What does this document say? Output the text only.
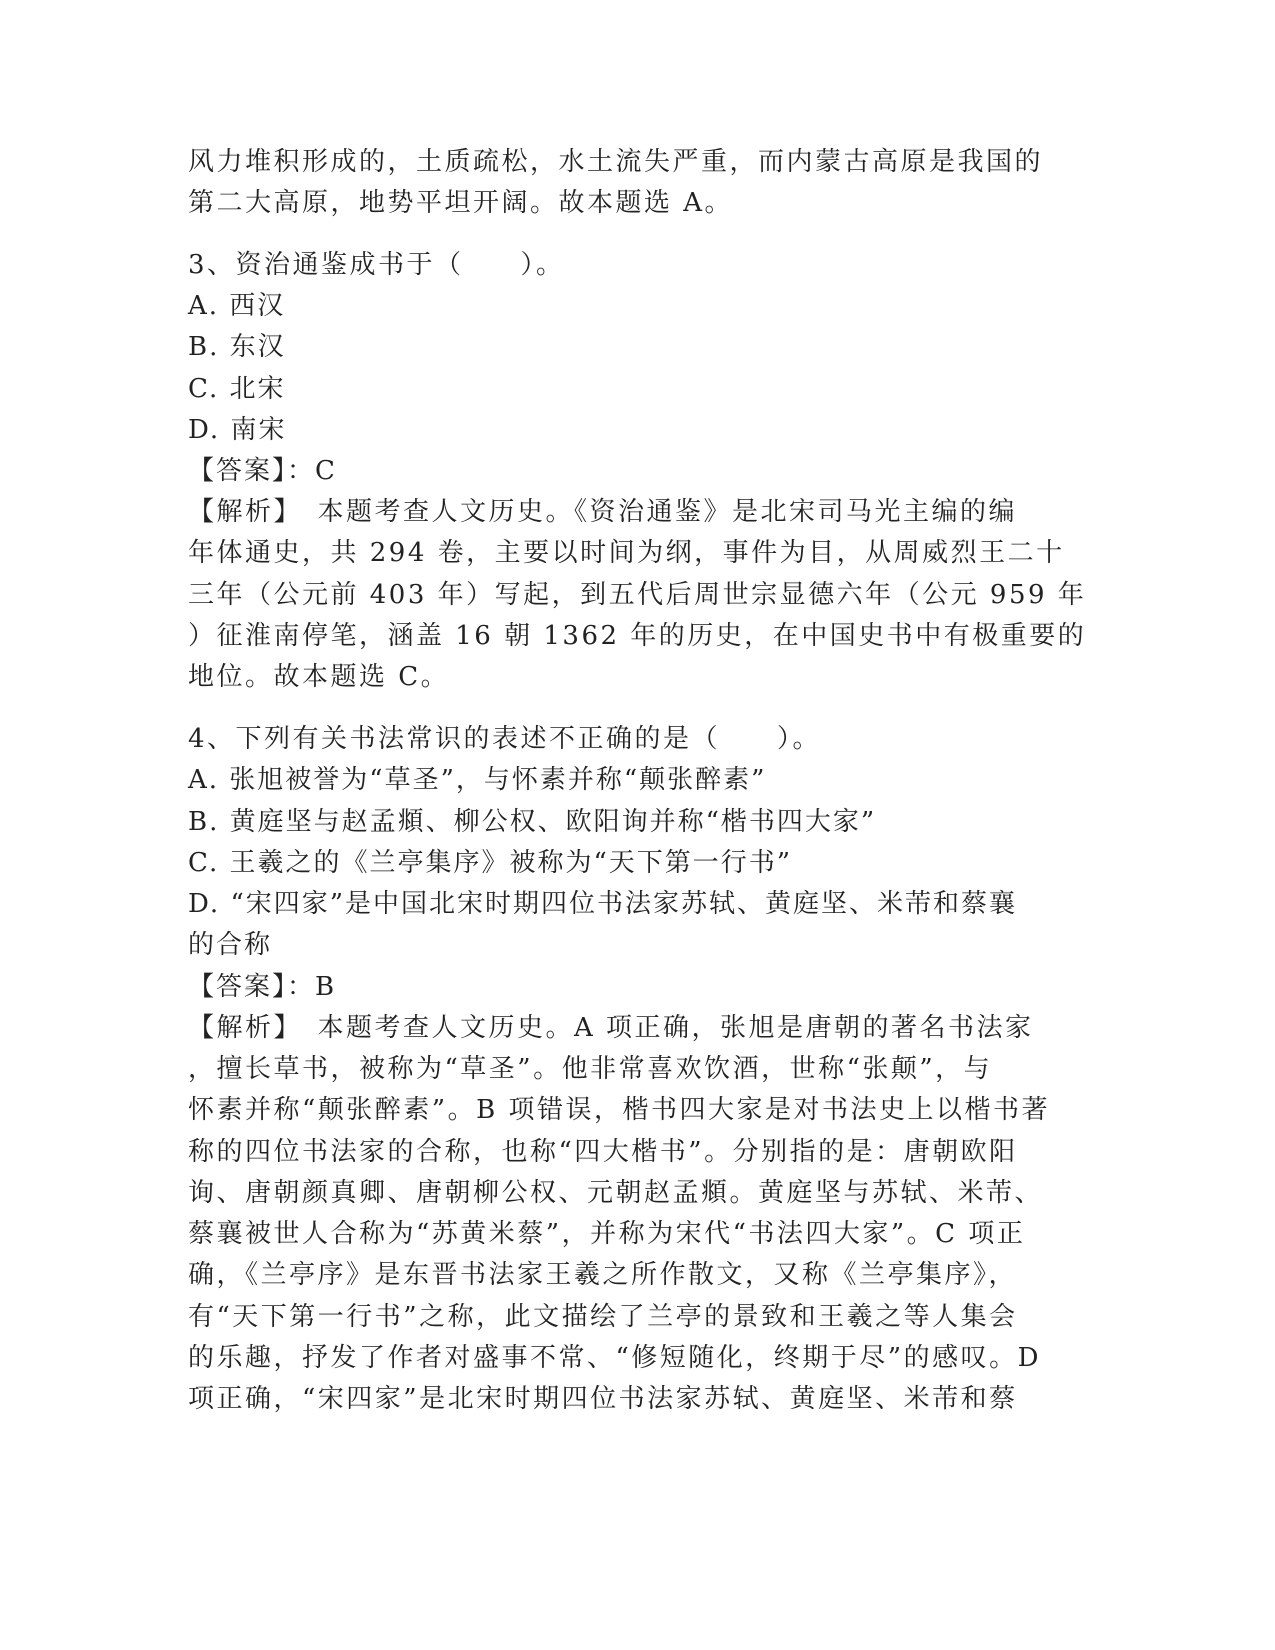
风力堆积形成的，土质疏松，水土流失严重，而内蒙古高原是我国的
第二大高原，地势平坦开阔。故本题选 A。
3、资治通鉴成书于（　　）。
A. 西汉
B. 东汉
C. 北宋
D. 南宋
【答案】：C
【解析】　本题考查人文历史。《资治通鉴》是北宋司马光主编的编
年体通史，共 294 卷，主要以时间为纲，事件为目，从周威烈王二十
三年（公元前 403 年）写起，到五代后周世宗显德六年（公元 959 年
）征淮南停笔，涵盖 16 朝 1362 年的历史，在中国史书中有极重要的
地位。故本题选 C。
4、下列有关书法常识的表述不正确的是（　　）。
A. 张旭被誉为“草圣”，与怀素并称“颠张醉素”
B. 黄庭坚与赵孟頫、柳公权、欧阳询并称“楷书四大家”
C. 王羲之的《兰亭集序》被称为“天下第一行书”
D. “宋四家”是中国北宋时期四位书法家苏轼、黄庭坚、米芾和蔡襄
的合称
【答案】：B
【解析】　本题考查人文历史。A 项正确，张旭是唐朝的著名书法家
，擅长草书，被称为“草圣”。他非常喜欢饮酒，世称“张颠”，与
怀素并称“颠张醉素”。B 项错误，楷书四大家是对书法史上以楷书著
称的四位书法家的合称，也称“四大楷书”。分别指的是：唐朝欧阳
询、唐朝颜真卿、唐朝柳公权、元朝赵孟頫。黄庭坚与苏轼、米芾、
蔡襄被世人合称为“苏黄米蔡”，并称为宋代“书法四大家”。C 项正
确，《兰亭序》是东晋书法家王羲之所作散文，又称《兰亭集序》，
有“天下第一行书”之称，此文描绘了兰亭的景致和王羲之等人集会
的乐趣，抒发了作者对盛事不常、“修短随化，终期于尽”的感叹。D
项正确，“宋四家”是北宋时期四位书法家苏轼、黄庭坚、米芾和蔡
